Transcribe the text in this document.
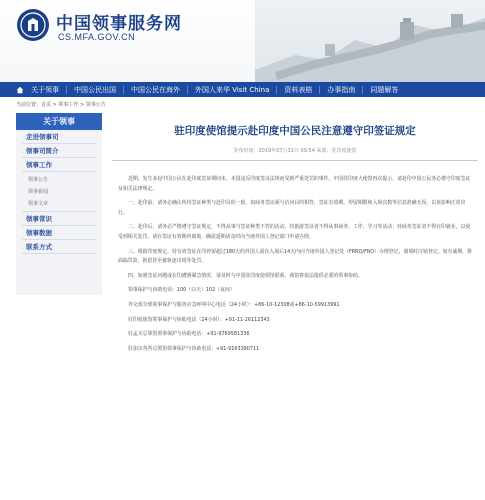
中国领事服务网
CS.MFA.GOV.CN
关于领事 中国公民出国 中国公民在海外 外国人来华 Visit China 资料表格 办事指南 同题解答
当前位置：首页 > 领事工作 > 领事公告
关于领事
走进领事司
领事司简介
领事工作
领事公告
领事新闻
领事文章
领事常识
领事数据
联系方式
驻印度使馆提示赴印度中国公民注意遵守印签证规定
发布时间：2019年07月31日 09:54 来源：驻印度使馆

近期，发生多起中国公民在赴印度签证期间未，本国违反印度签证法规而受到严重处罚的事件。中国驻印度大使馆再次提示，请赴印中国公民务必遵守印度签证及相关法律规定。

一、赴印前，请务必确认所持签证种类与赴印目的一致，如商务签证须与访问目的相符，签证有效期、停留期限和入境次数等信息准确无误，以免影响正常出行。

二、赴印后，请务必严格遵守签证规定，不得从事与签证种类不符的活动。持旅游签证者不得从事商务、工作、学习等活动；持商务签证者不得在印就业，以免受到相关处罚。请在签证有效期内离境，确需延期请及时向当地外国人登记部门申请办理。

三、根据印度规定，持有效签证在印停留超过180天的外国人需在入境后14天内向当地外国人登记处（FRRO/FRO）办理登记，离境时注销登记。如有逾期，将面临罚款、拘留甚至被驱逐出境等处罚。

四、如遇签证问题或在印遭遇紧急情况，请及时与中国驻印度使领馆联系，我馆将依法提供必要的领事协助。

领事保护与协助电话：100（白天）102（夜间）

外交部全球领事保护与服务应急呼叫中心电话（24小时）：+86-10-12308或+86-10-59913991

驻印度使馆领事保护与协助电话（24小时）：+91-11-26112343

驻孟买总领馆领事保护与协助电话：+91-9769581336

驻加尔各答总领馆领事保护与协助电话：+91-9163390711
